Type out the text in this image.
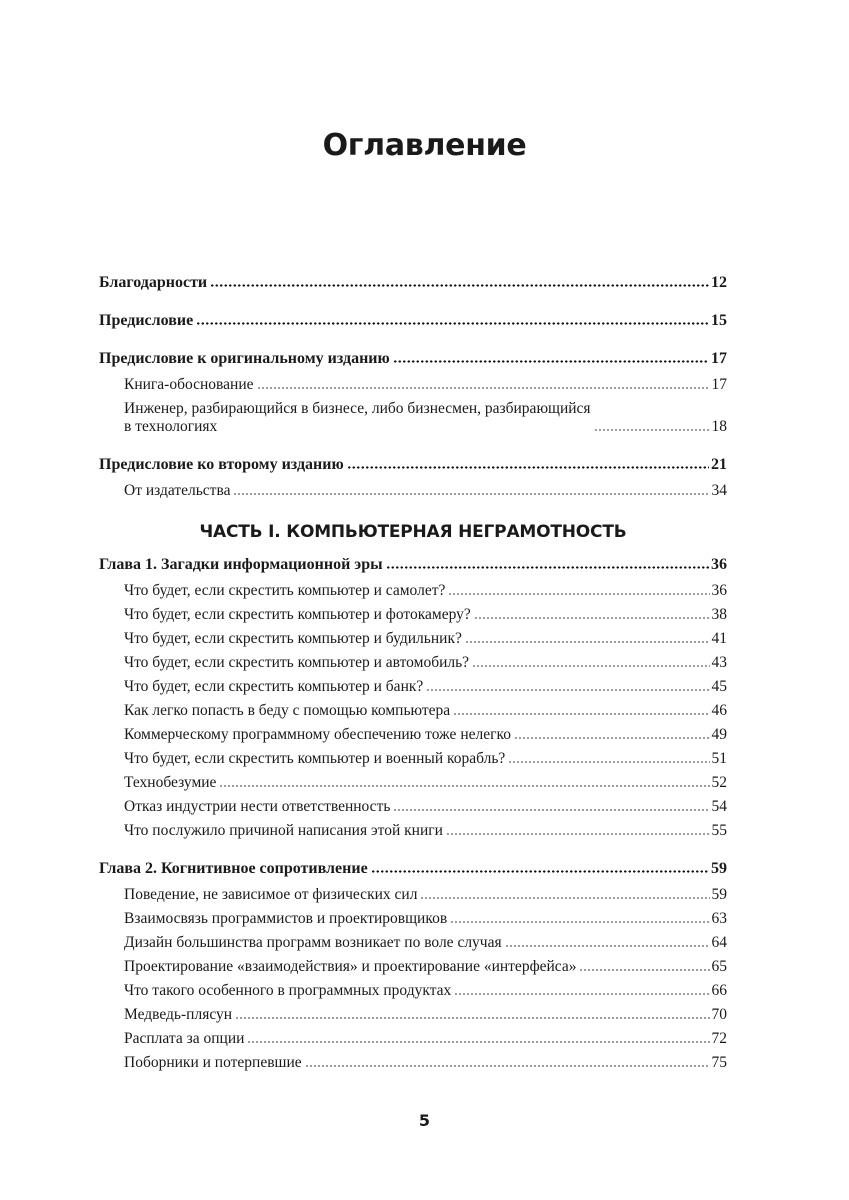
Оглавление
Благодарности	12
Предисловие	15
Предисловие к оригинальному изданию	17
Книга-обоснование	17
Инженер, разбирающийся в бизнесе, либо бизнесмен, разбирающийся
в технологиях	18
Предисловие ко второму изданию	21
От издательства	34
ЧАСТЬ I. КОМПЬЮТЕРНАЯ НЕГРАМОТНОСТЬ
Глава 1. Загадки информационной эры	36
Что будет, если скрестить компьютер и самолет?	36
Что будет, если скрестить компьютер и фотокамеру?	38
Что будет, если скрестить компьютер и будильник?	41
Что будет, если скрестить компьютер и автомобиль?	43
Что будет, если скрестить компьютер и банк?	45
Как легко попасть в беду с помощью компьютера	46
Коммерческому программному обеспечению тоже нелегко	49
Что будет, если скрестить компьютер и военный корабль?	51
Технобезумие	52
Отказ индустрии нести ответственность	54
Что послужило причиной написания этой книги	55
Глава 2. Когнитивное сопротивление	59
Поведение, не зависимое от физических сил	59
Взаимосвязь программистов и проектировщиков	63
Дизайн большинства программ возникает по воле случая	64
Проектирование «взаимодействия» и проектирование «интерфейса»	65
Что такого особенного в программных продуктах	66
Медведь-плясун	70
Расплата за опции	72
Поборники и потерпевшие	75
5
